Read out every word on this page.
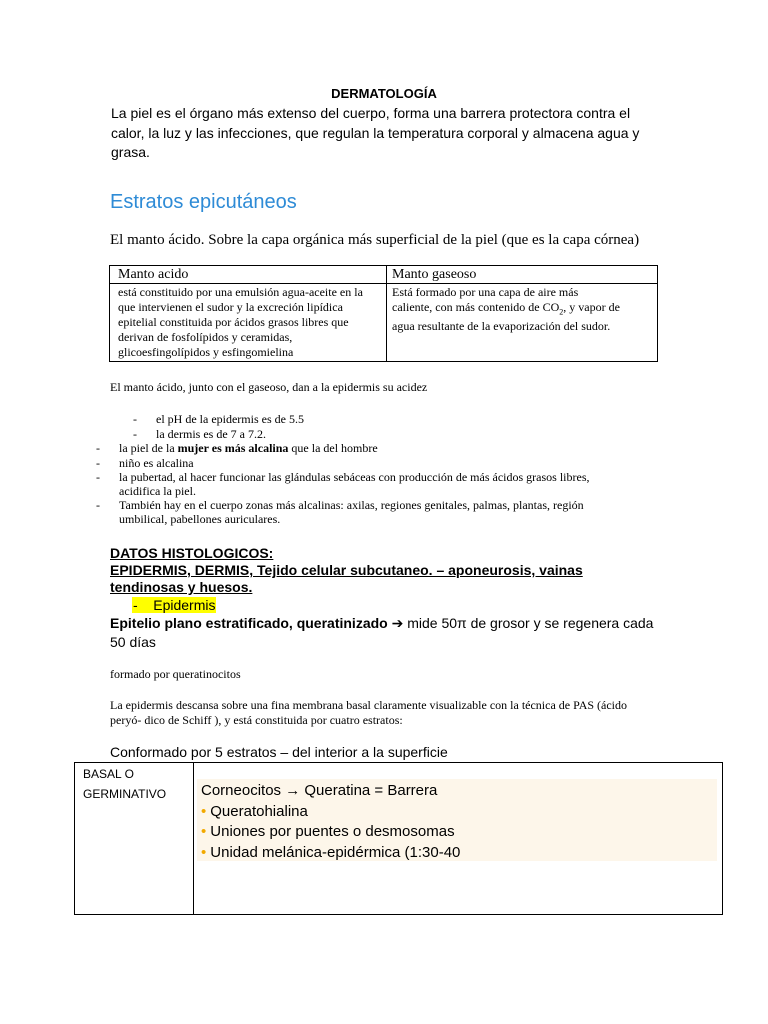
DERMATOLOGÍA
La piel es el órgano más extenso del cuerpo, forma una barrera protectora contra el calor, la luz y las infecciones, que regulan la temperatura corporal y almacena agua y grasa.
Estratos epicutáneos
El manto ácido. Sobre la capa orgánica más superficial de la piel (que es la capa córnea)
Manto acido	Manto gaseoso
está constituido por una emulsión agua-aceite en la que intervienen el sudor y la excreción lipídica epitelial constituida por ácidos grasos libres que derivan de fosfolípidos y ceramidas, glicoesfingolípidos y esfingomielina
Está formado por una capa de aire más
caliente, con más contenido de $CO_2$, y vapor de
agua resultante de la evaporización del sudor.
El manto ácido, junto con el gaseoso, dan a la epidermis su acidez
- el pH de la epidermis es de 5.5
- la dermis es de 7 a 7.2.
- la piel de la mujer es más alcalina que la del hombre
- niño es alcalina
- la pubertad, al hacer funcionar las glándulas sebáceas con producción de más ácidos grasos libres,
acidifica la piel.
- También hay en el cuerpo zonas más alcalinas: axilas, regiones genitales, palmas, plantas, región
umbilical, pabellones auriculares.
DATOS HISTOLOGICOS:
EPIDERMIS, DERMIS, Tejido celular subcutaneo. – aponeurosis, vainas tendinosas y huesos.
- Epidermis
Epitelio plano estratificado, queratinizado ➔ mide 50π de grosor y se regenera cada 50 días
formado por queratinocitos
La epidermis descansa sobre una fina membrana basal claramente visualizable con la técnica de PAS (ácido peryó- dico de Schiff ), y está constituida por cuatro estratos:
Conformado por 5 estratos – del interior a la superficie
BASAL O
GERMINATIVO Corneocitos → Queratina = Barrera
• Queratohialina
• Uniones por puentes o desmosomas
• Unidad melánica-epidérmica (1:30-40
